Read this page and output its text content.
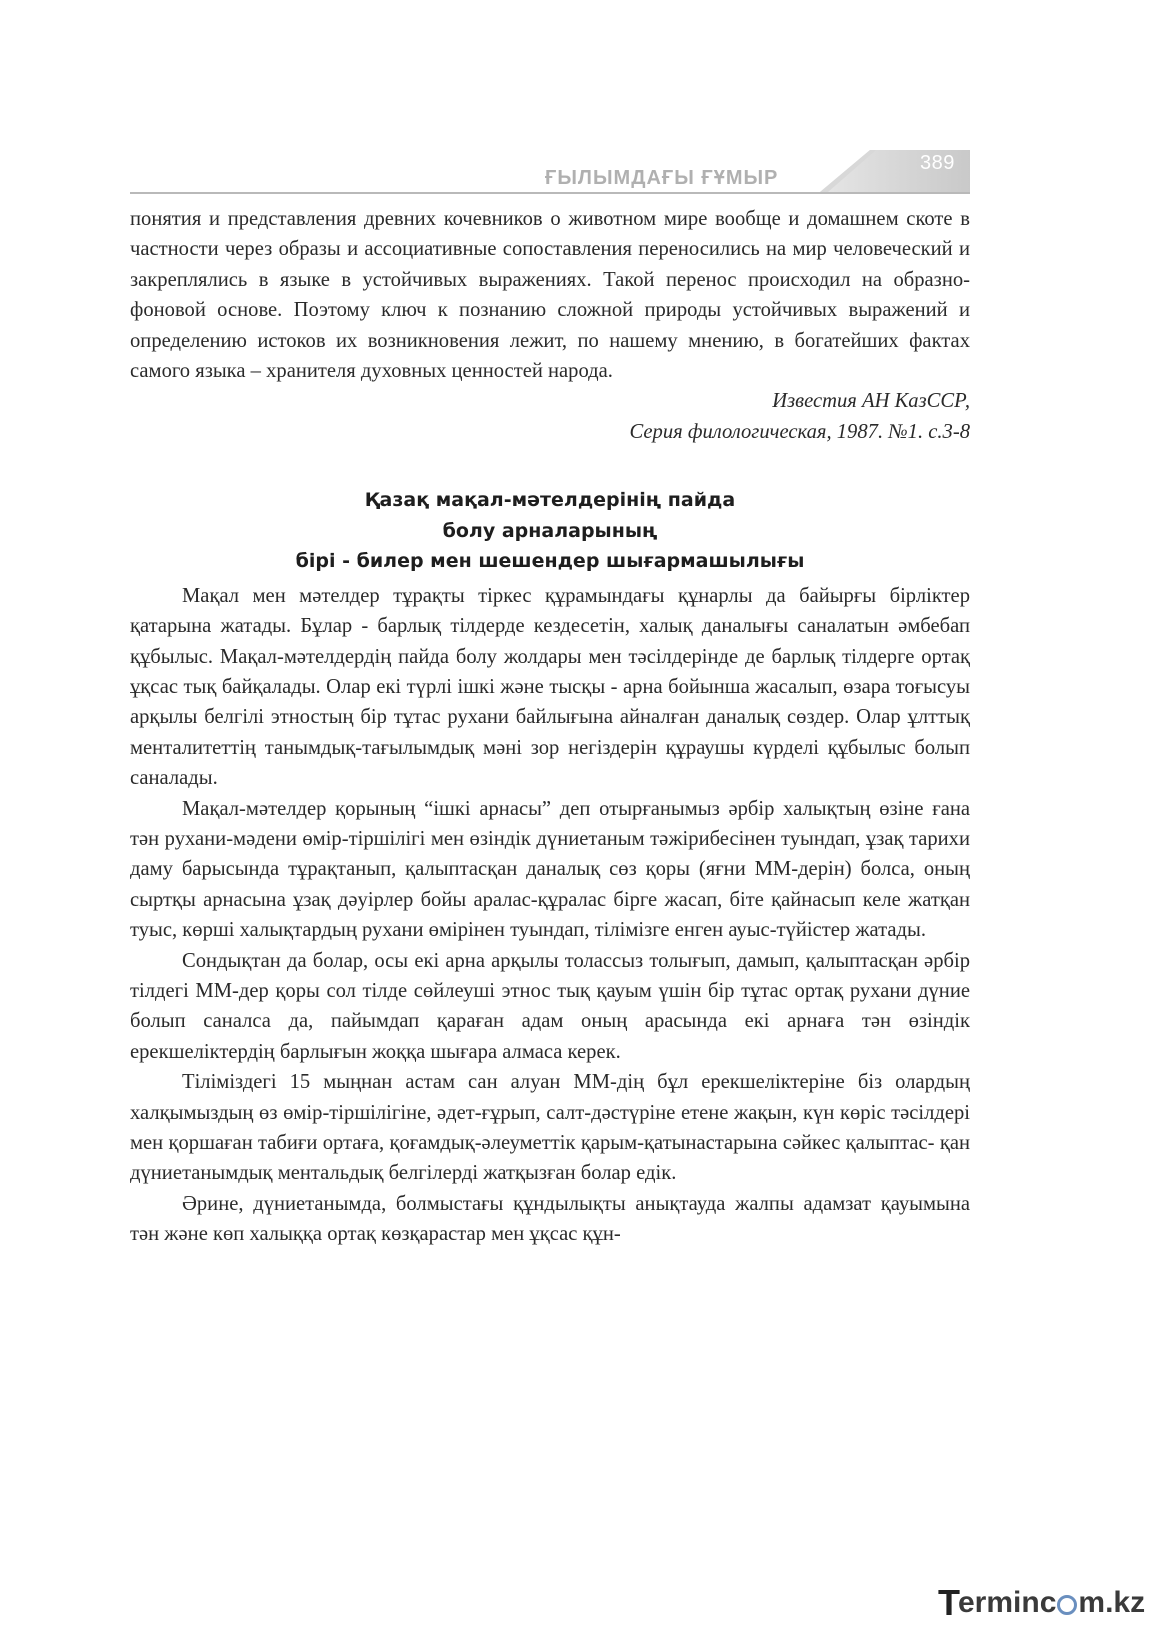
ҒЫЛЫМДАҒЫ ҒҰМЫР
389

понятия и представления древних кочевников о животном мире вообще и домашнем скоте в частности через образы и ассоциативные сопоставления переносились на мир человеческий и закреплялись в языке в устойчивых выражениях. Такой перенос происходил на образно-фоновой основе. Поэтому ключ к познанию сложной природы устойчивых выражений и определению истоков их возникновения лежит, по нашему мнению, в богатейших фактах самого языка – хранителя духовных ценностей народа.

Известия АН КазССР,

Серия филологическая, 1987. №1. с.3-8

Қазақ мақал-мәтелдерінің пайда
болу арналарының
бірі - билер мен шешендер шығармашылығы

Мақал мен мәтелдер тұрақты тіркес құрамындағы құнарлы да байырғы бірліктер қатарына жатады. Бұлар - барлық тілдерде кездесетін, халық даналығы саналатын әмбебап құбылыс. Мақал-мәтелдердің пайда болу жолдары мен тәсілдерінде де барлық тілдерге ортақ ұқсас тық байқалады. Олар екі түрлі ішкі және тысқы - арна бойынша жасалып, өзара тоғысуы арқылы белгілі этностың бір тұтас рухани байлығына айналған даналық сөздер. Олар ұлттық менталитеттің танымдық-тағылымдық мәні зор негіздерін құраушы күрделі құбылыс болып саналады.

Мақал-мәтелдер қорының “ішкі арнасы” деп отырғанымыз әрбір халықтың өзіне ғана тән рухани-мәдени өмір-тіршілігі мен өзіндік дүниетаным тәжірибесінен туындап, ұзақ тарихи даму барысында тұрақтанып, қалыптасқан даналық сөз қоры (яғни ММ-дерін) болса, оның сыртқы арнасына ұзақ дәуірлер бойы аралас-құралас бірге жасап, біте қайнасып келе жатқан туыс, көрші халықтардың рухани өмірінен туындап, тілімізге енген ауыс-түйістер жатады.

Сондықтан да болар, осы екі арна арқылы толассыз толығып, дамып, қалыптасқан әрбір тілдегі ММ-дер қоры сол тілде сөйлеуші этнос тық қауым үшін бір тұтас ортақ рухани дүние болып саналса да, пайымдап қараған адам оның арасында екі арнаға тән өзіндік ерекшеліктердің барлығын жоққа шығара алмаса керек.

Тіліміздегі 15 мыңнан астам сан алуан ММ-дің бұл ерекшеліктеріне біз олардың халқымыздың өз өмір-тіршілігіне, әдет-ғұрып, салт-дәстүріне етене жақын, күн көріс тәсілдері мен қоршаған табиғи ортаға, қоғамдық-әлеуметтік қарым-қатынастарына сәйкес қалыптас- қан дүниетанымдық ментальдық белгілерді жатқызған болар едік.

Әрине, дүниетанымда, болмыстағы құндылықты анықтауда жалпы адамзат қауымына тән және көп халыққа ортақ көзқарастар мен ұқсас құн-

T
ermin c m.kz
